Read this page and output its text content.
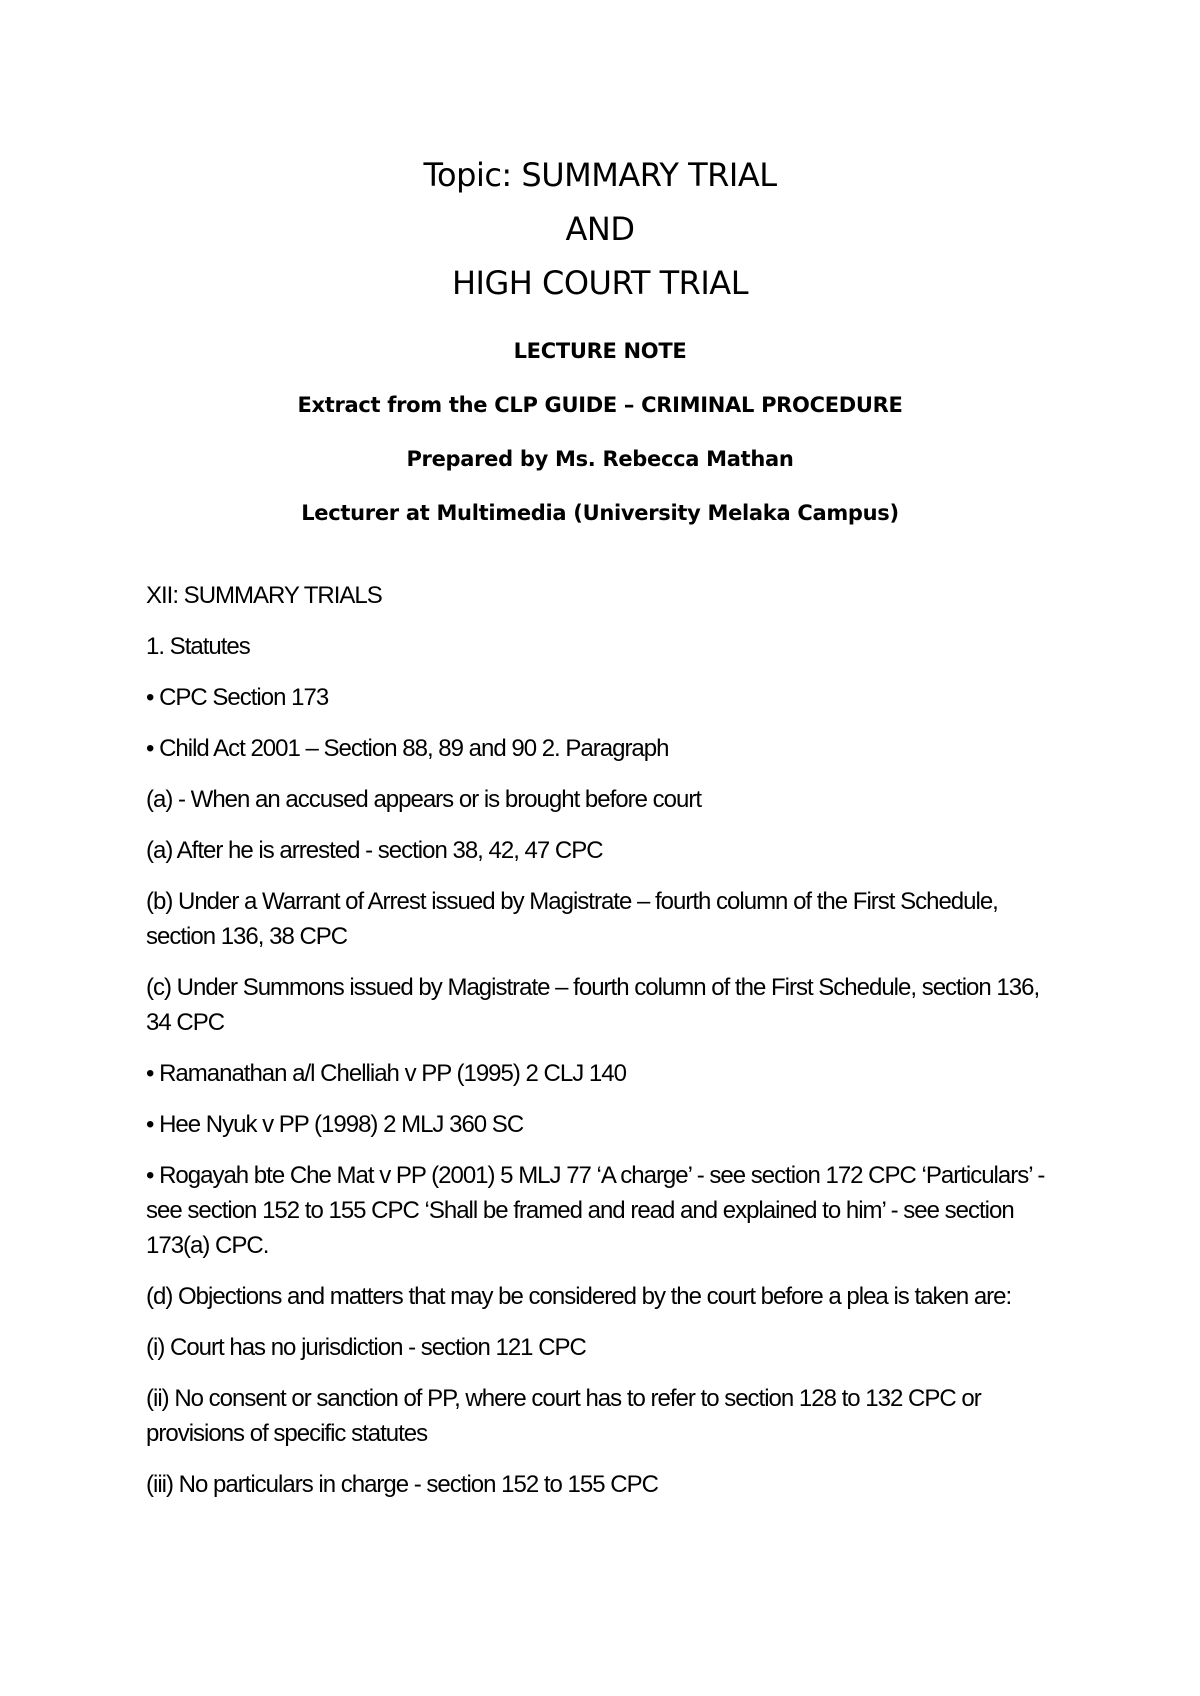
Topic: SUMMARY TRIAL
AND
HIGH COURT TRIAL
LECTURE NOTE
Extract from the CLP GUIDE – CRIMINAL PROCEDURE
Prepared by Ms. Rebecca Mathan
Lecturer at Multimedia (University Melaka Campus)

XII: SUMMARY TRIALS

1. Statutes

• CPC Section 173

• Child Act 2001 – Section 88, 89 and 90 2. Paragraph

(a) - When an accused appears or is brought before court

(a) After he is arrested - section 38, 42, 47 CPC

(b) Under a Warrant of Arrest issued by Magistrate – fourth column of the First Schedule, section 136, 38 CPC

(c) Under Summons issued by Magistrate – fourth column of the First Schedule, section 136, 34 CPC

• Ramanathan a/l Chelliah v PP (1995) 2 CLJ 140

• Hee Nyuk v PP (1998) 2 MLJ 360 SC

• Rogayah bte Che Mat v PP (2001) 5 MLJ 77 ‘A charge’ - see section 172 CPC ‘Particulars’ - see section 152 to 155 CPC ‘Shall be framed and read and explained to him’ - see section 173(a) CPC.

(d) Objections and matters that may be considered by the court before a plea is taken are:

(i) Court has no jurisdiction - section 121 CPC

(ii) No consent or sanction of PP, where court has to refer to section 128 to 132 CPC or provisions of specific statutes

(iii) No particulars in charge - section 152 to 155 CPC
